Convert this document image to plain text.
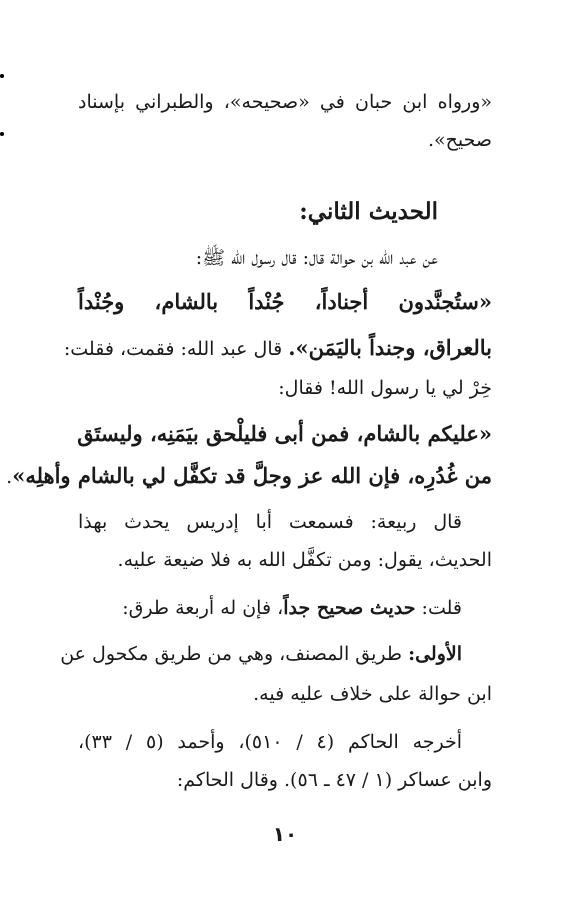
«ورواه ابن حبان في «صحيحه»، والطبراني بإسناد
صحيح».
الحديث الثاني:
عن عبد الله بن حوالة قال: قال رسول الله ﷺ:
«ستُجنَّدون أجناداً، جُنْداً بالشام، وجُنْداً
بالعراق، وجنداً باليَمَن». قال عبد الله: فقمت، فقلت:
خِرْ لي يا رسول الله! فقال:
«عليكم بالشام، فمن أبى فليلْحق بيَمَنِه، وليستَق
من غُدُرِه، فإن الله عز وجلَّ قد تكفَّل لي بالشام وأهلِه».
قال ربيعة: فسمعت أبا إدريس يحدث بهذا
الحديث، يقول: ومن تكفَّل الله به فلا ضيعة عليه.
قلت: حديث صحيح جداً، فإن له أربعة طرق:
الأولى: طريق المصنف، وهي من طريق مكحول عن
ابن حوالة على خلاف عليه فيه.
أخرجه الحاكم (٤ / ٥١٠)، وأحمد (٥ / ٣٣)،
وابن عساكر (١ / ٤٧ ـ ٥٦). وقال الحاكم:
١٠
